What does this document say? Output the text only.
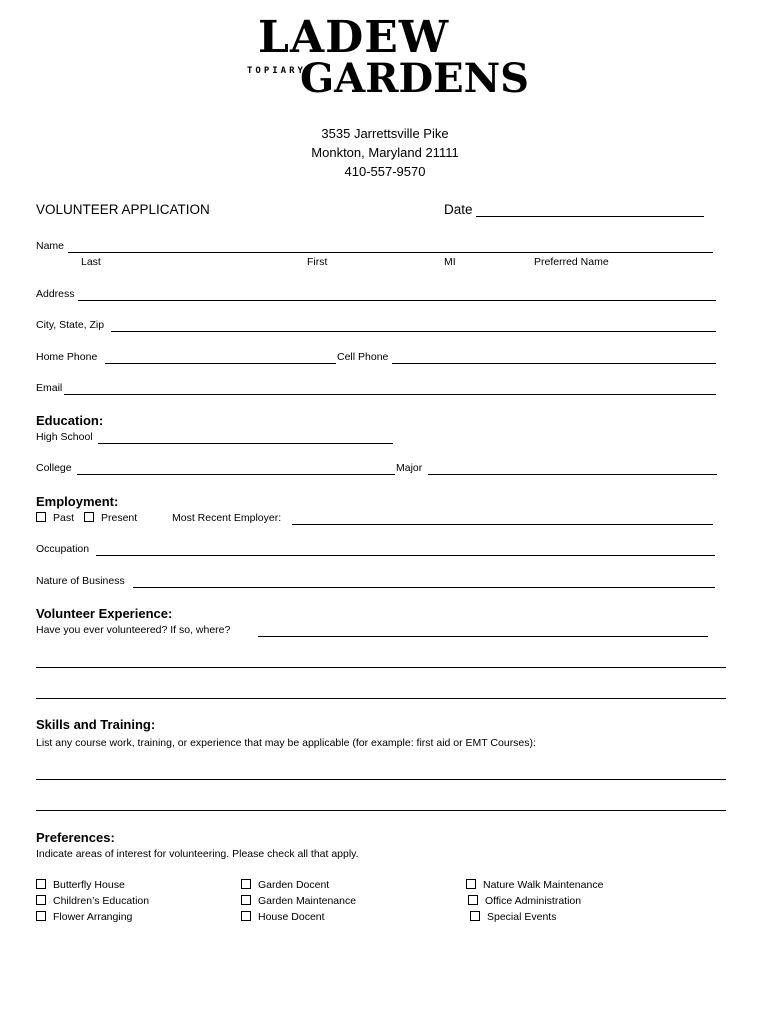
LADEW
TOPIARY
GARDENS
3535 Jarrettsville Pike
Monkton, Maryland 21111
410-557-9570
VOLUNTEER APPLICATION	Date
Name
Last	First	MI	Preferred Name
Address
City, State, Zip
Home Phone	Cell Phone
Email
Education:
High School
College	Major
Employment:
Past	Present	Most Recent Employer:
Occupation
Nature of Business
Volunteer Experience:
Have you ever volunteered? If so, where?
Skills and Training:
List any course work, training, or experience that may be applicable (for example: first aid or EMT Courses):
Preferences:
Indicate areas of interest for volunteering. Please check all that apply.
Butterfly House
Children’s Education
Flower Arranging
Garden Docent
Garden Maintenance
House Docent
Nature Walk Maintenance
Office Administration
Special Events
